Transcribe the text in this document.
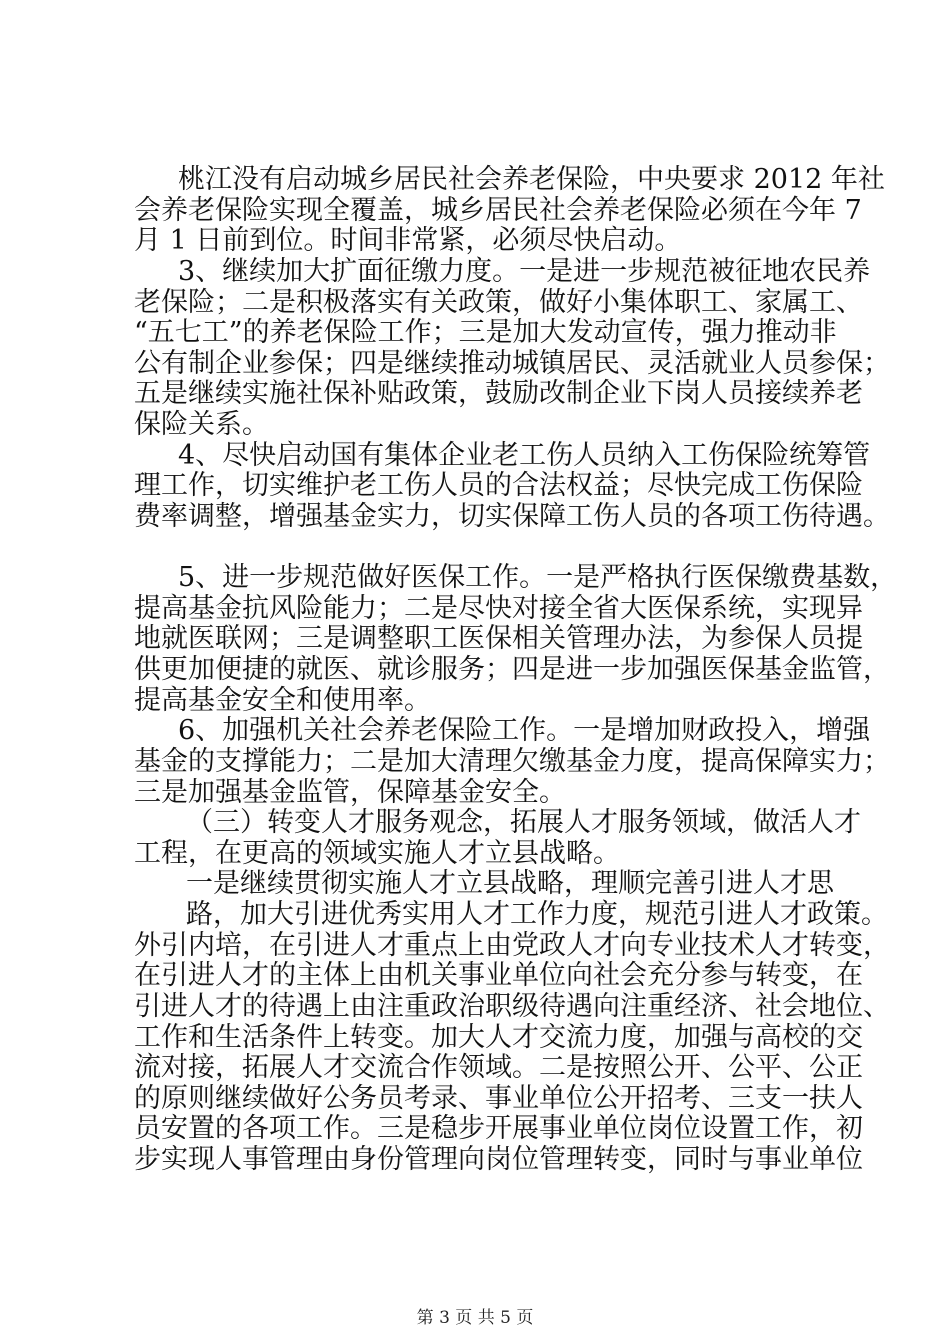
桃江没有启动城乡居民社会养老保险，中央要求 2012 年社
会养老保险实现全覆盖，城乡居民社会养老保险必须在今年 7
月 1 日前到位。时间非常紧，必须尽快启动。
3、继续加大扩面征缴力度。一是进一步规范被征地农民养
老保险；二是积极落实有关政策，做好小集体职工、家属工、
“五七工”的养老保险工作；三是加大发动宣传，强力推动非
公有制企业参保；四是继续推动城镇居民、灵活就业人员参保；
五是继续实施社保补贴政策，鼓励改制企业下岗人员接续养老
保险关系。
4、尽快启动国有集体企业老工伤人员纳入工伤保险统筹管
理工作，切实维护老工伤人员的合法权益；尽快完成工伤保险
费率调整，增强基金实力，切实保障工伤人员的各项工伤待遇。
5、进一步规范做好医保工作。一是严格执行医保缴费基数，
提高基金抗风险能力；二是尽快对接全省大医保系统，实现异
地就医联网；三是调整职工医保相关管理办法，为参保人员提
供更加便捷的就医、就诊服务；四是进一步加强医保基金监管，
提高基金安全和使用率。
6、加强机关社会养老保险工作。一是增加财政投入，增强
基金的支撑能力；二是加大清理欠缴基金力度，提高保障实力；
三是加强基金监管，保障基金安全。
（三）转变人才服务观念，拓展人才服务领域，做活人才
工程，在更高的领域实施人才立县战略。
一是继续贯彻实施人才立县战略，理顺完善引进人才思
路，加大引进优秀实用人才工作力度，规范引进人才政策。
外引内培，在引进人才重点上由党政人才向专业技术人才转变，
在引进人才的主体上由机关事业单位向社会充分参与转变，在
引进人才的待遇上由注重政治职级待遇向注重经济、社会地位、
工作和生活条件上转变。加大人才交流力度，加强与高校的交
流对接，拓展人才交流合作领域。二是按照公开、公平、公正
的原则继续做好公务员考录、事业单位公开招考、三支一扶人
员安置的各项工作。三是稳步开展事业单位岗位设置工作，初
步实现人事管理由身份管理向岗位管理转变，同时与事业单位
第 3 页 共 5 页
